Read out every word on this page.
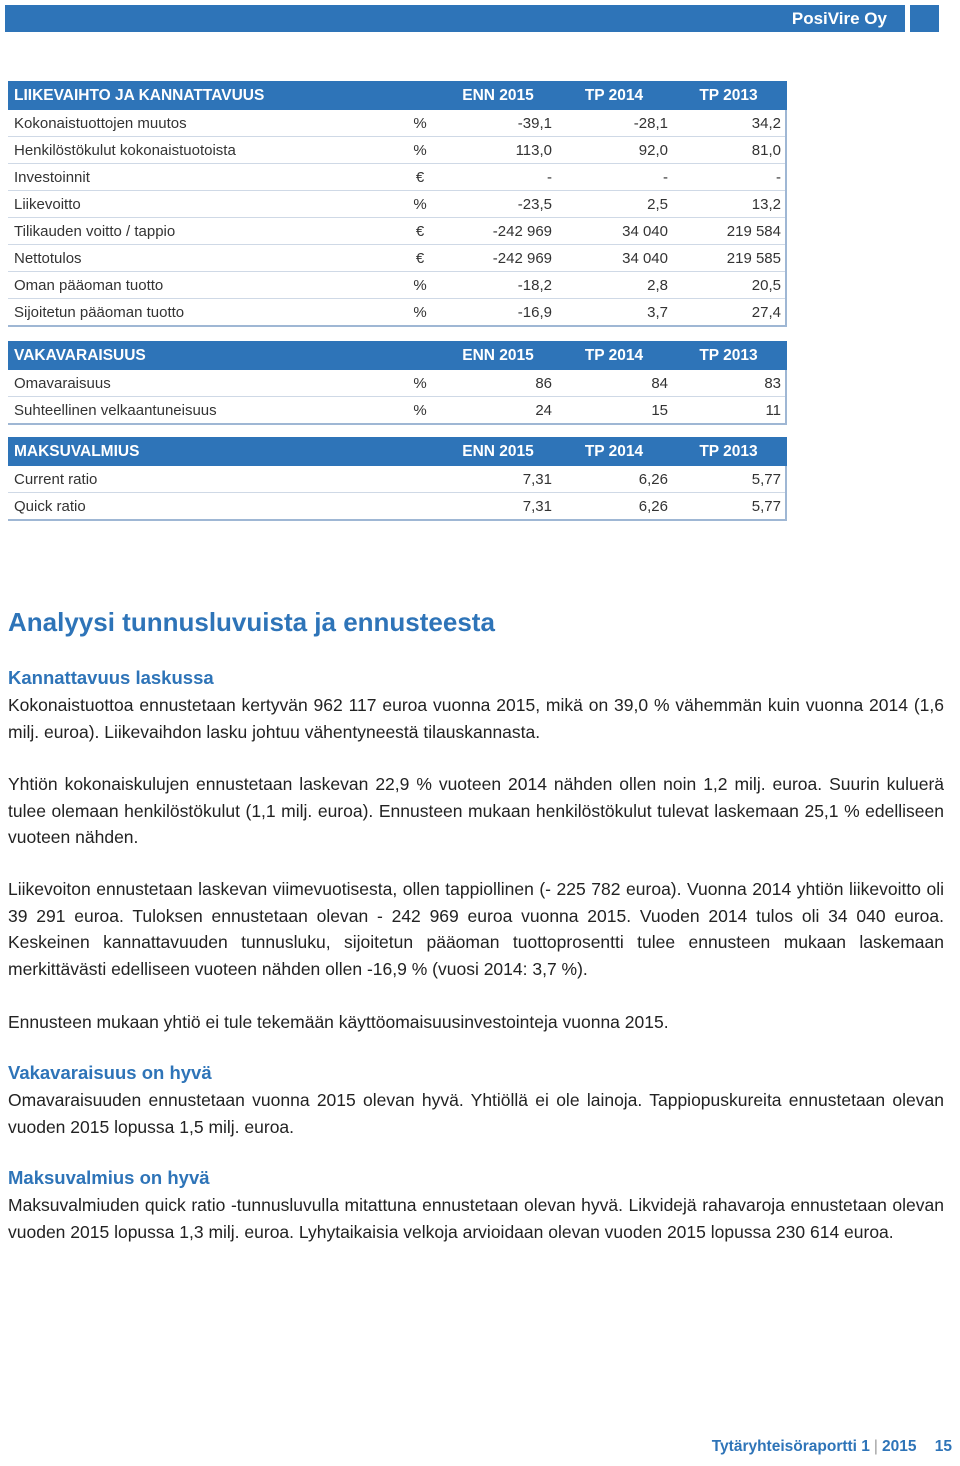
PosiVire Oy
LIIKEVAIHTO JA KANNATTAVUUS		ENN 2015	TP 2014	TP 2013
Kokonaistuottojen muutos	%	-39,1	-28,1	34,2
Henkilöstökulut kokonaistuotoista	%	113,0	92,0	81,0
Investoinnit	€	-	-	-
Liikevoitto	%	-23,5	2,5	13,2
Tilikauden voitto / tappio	€	-242 969	34 040	219 584
Nettotulos	€	-242 969	34 040	219 585
Oman pääoman tuotto	%	-18,2	2,8	20,5
Sijoitetun pääoman tuotto	%	-16,9	3,7	27,4
VAKAVARAISUUS		ENN 2015	TP 2014	TP 2013
Omavaraisuus	%	86	84	83
Suhteellinen velkaantuneisuus	%	24	15	11
MAKSUVALMIUS		ENN 2015	TP 2014	TP 2013
Current ratio		7,31	6,26	5,77
Quick ratio		7,31	6,26	5,77
Analyysi tunnusluvuista ja ennusteesta
Kannattavuus laskussa

Kokonaistuottoa ennustetaan kertyvän 962 117 euroa vuonna 2015, mikä on 39,0 % vähemmän kuin vuonna 2014 (1,6 milj. euroa). Liikevaihdon lasku johtuu vähentyneestä tilauskannasta.

Yhtiön kokonaiskulujen ennustetaan laskevan 22,9 % vuoteen 2014 nähden ollen noin 1,2 milj. euroa. Suurin kuluerä tulee olemaan henkilöstökulut (1,1 milj. euroa). Ennusteen mukaan henkilöstökulut tulevat laskemaan 25,1 % edelliseen vuoteen nähden.

Liikevoiton ennustetaan laskevan viimevuotisesta, ollen tappiollinen (- 225 782 euroa). Vuonna 2014 yhtiön liikevoitto oli 39 291 euroa. Tuloksen ennustetaan olevan - 242 969 euroa vuonna 2015. Vuoden 2014 tulos oli 34 040 euroa. Keskeinen kannattavuuden tunnusluku, sijoitetun pääoman tuottoprosentti tulee ennusteen mukaan laskemaan merkittävästi edelliseen vuoteen nähden ollen -16,9 % (vuosi 2014: 3,7 %).

Ennusteen mukaan yhtiö ei tule tekemään käyttöomaisuusinvestointeja vuonna 2015.

Vakavaraisuus on hyvä

Omavaraisuuden ennustetaan vuonna 2015 olevan hyvä. Yhtiöllä ei ole lainoja. Tappiopuskureita ennustetaan olevan vuoden 2015 lopussa 1,5 milj. euroa.

Maksuvalmius on hyvä

Maksuvalmiuden quick ratio -tunnusluvulla mitattuna ennustetaan olevan hyvä. Likvidejä rahavaroja ennustetaan olevan vuoden 2015 lopussa 1,3 milj. euroa. Lyhytaikaisia velkoja arvioidaan olevan vuoden 2015 lopussa 230 614 euroa.

Tytäryhteisöraportti 1 | 2015 15
